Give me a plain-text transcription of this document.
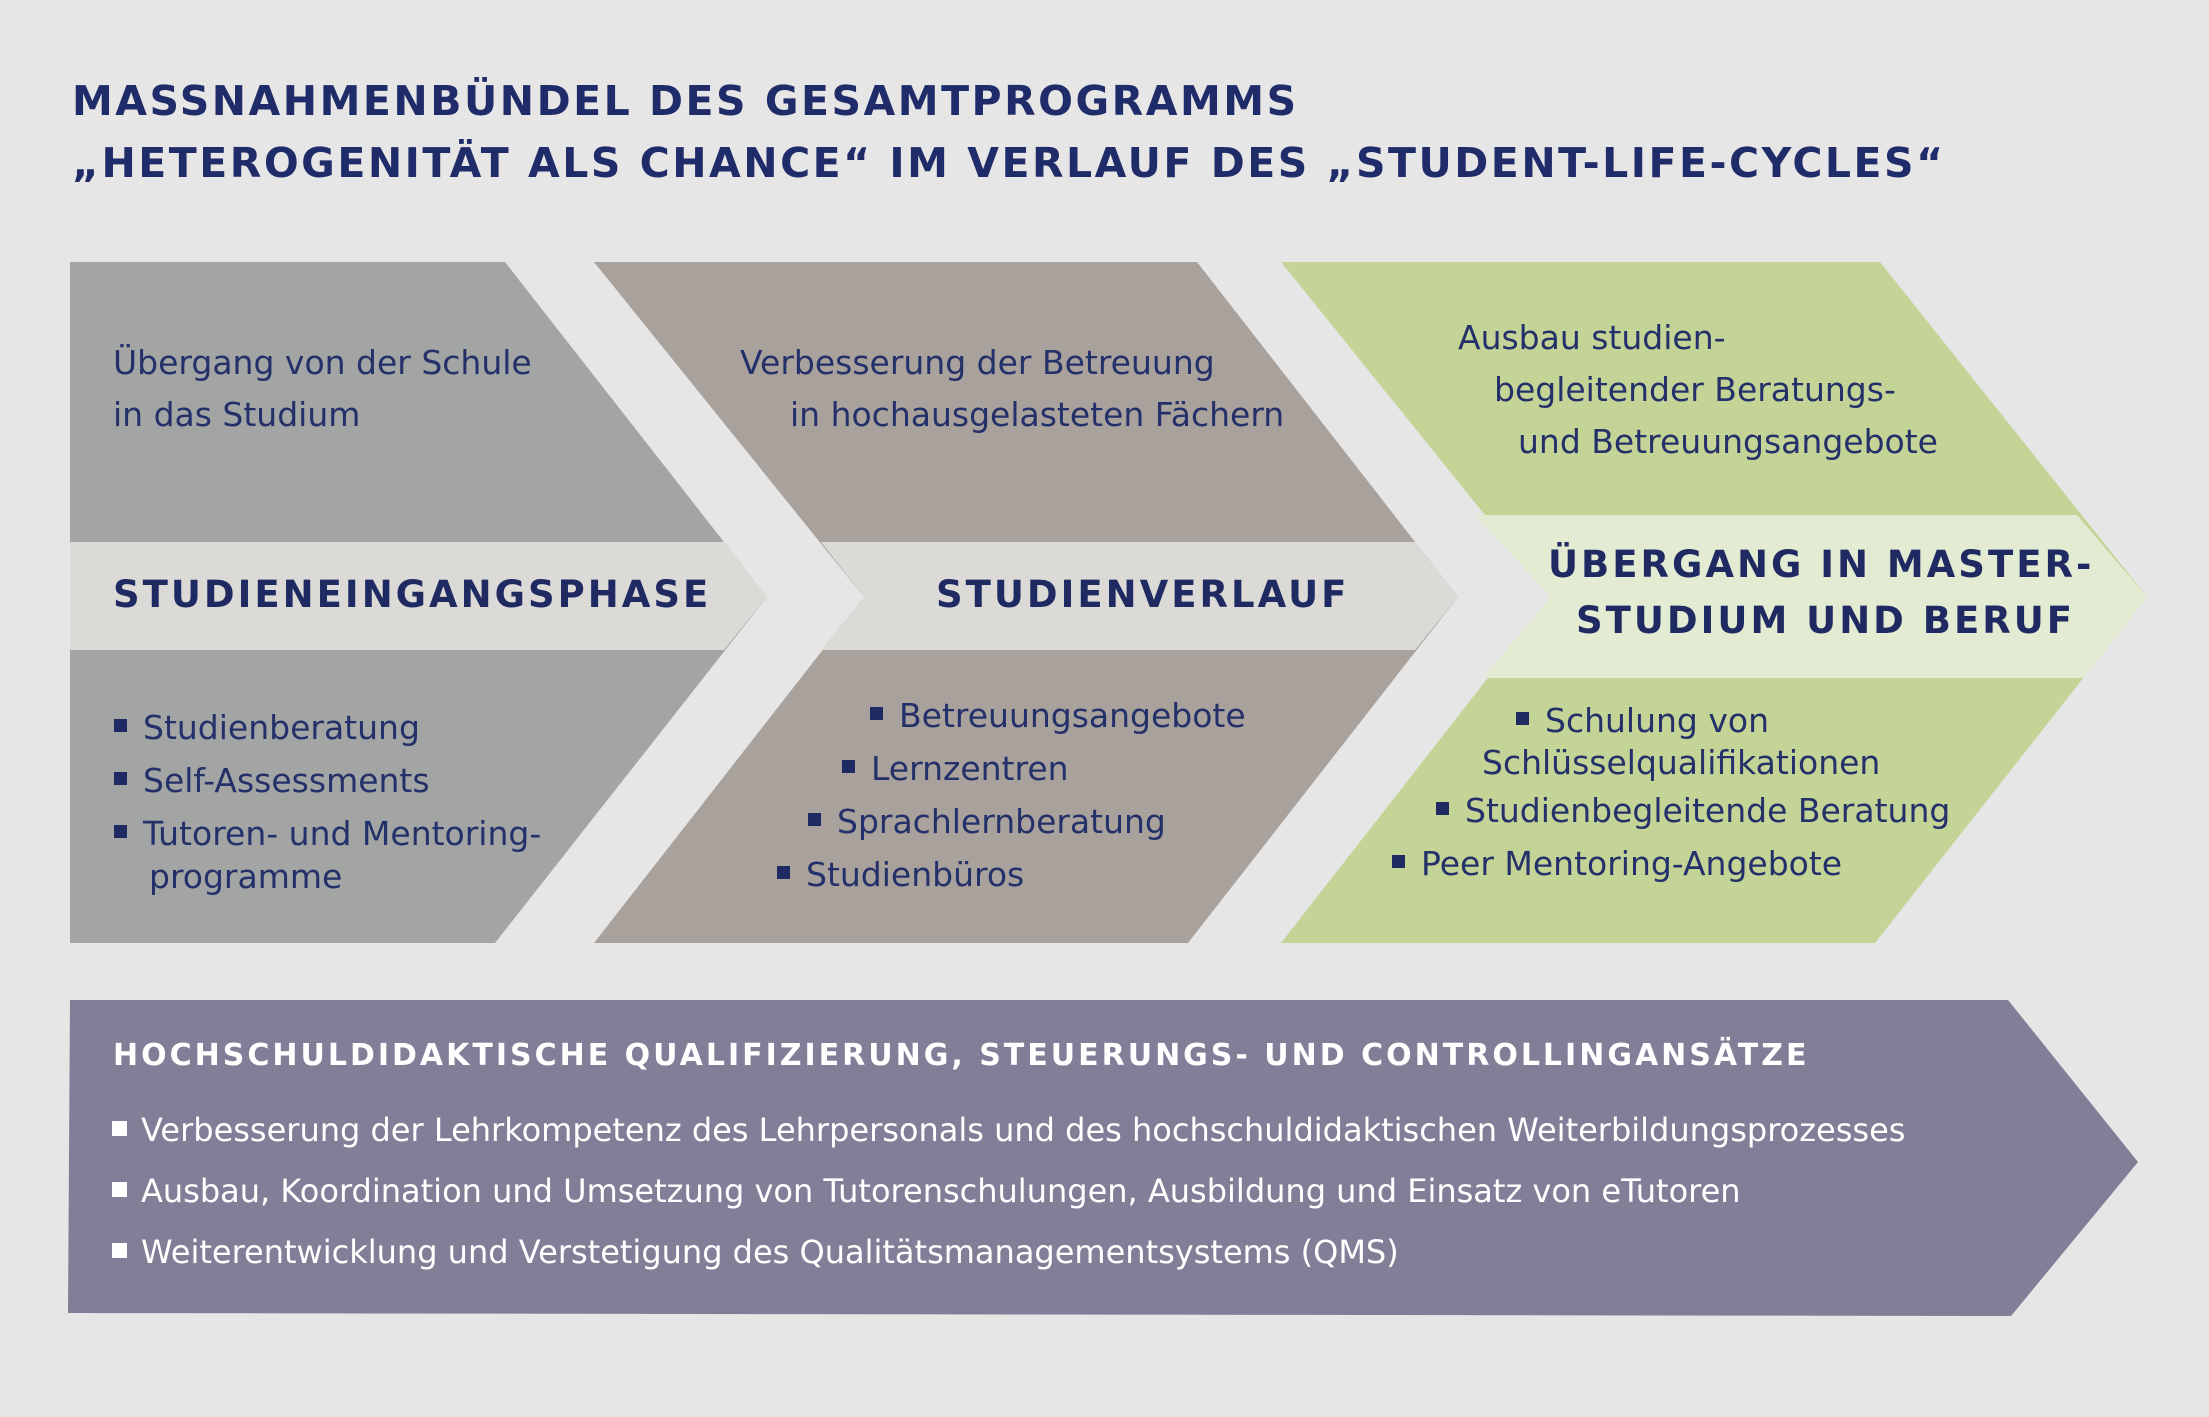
MASSNAHMENBÜNDEL DES GESAMTPROGRAMMS
„HETEROGENITÄT ALS CHANCE“ IM VERLAUF DES „STUDENT-LIFE-CYCLES“
Übergang von der Schule
in das Studium
STUDIENEINGANGSPHASE
Studienberatung
Self-Assessments
Tutoren- und Mentoring-
programme
Verbesserung der Betreuung
in hochausgelasteten Fächern
STUDIENVERLAUF
Betreuungsangebote
Lernzentren
Sprachlernberatung
Studienbüros
Ausbau studien-
begleitender Beratungs-
und Betreuungsangebote
ÜBERGANG IN MASTER-
STUDIUM UND BERUF
Schulung von
Schlüsselqualifikationen
Studienbegleitende Beratung
Peer Mentoring-Angebote
HOCHSCHULDIDAKTISCHE QUALIFIZIERUNG, STEUERUNGS- UND CONTROLLINGANSÄTZE
Verbesserung der Lehrkompetenz des Lehrpersonals und des hochschuldidaktischen Weiterbildungsprozesses
Ausbau, Koordination und Umsetzung von Tutorenschulungen, Ausbildung und Einsatz von eTutoren
Weiterentwicklung und Verstetigung des Qualitätsmanagementsystems (QMS)
